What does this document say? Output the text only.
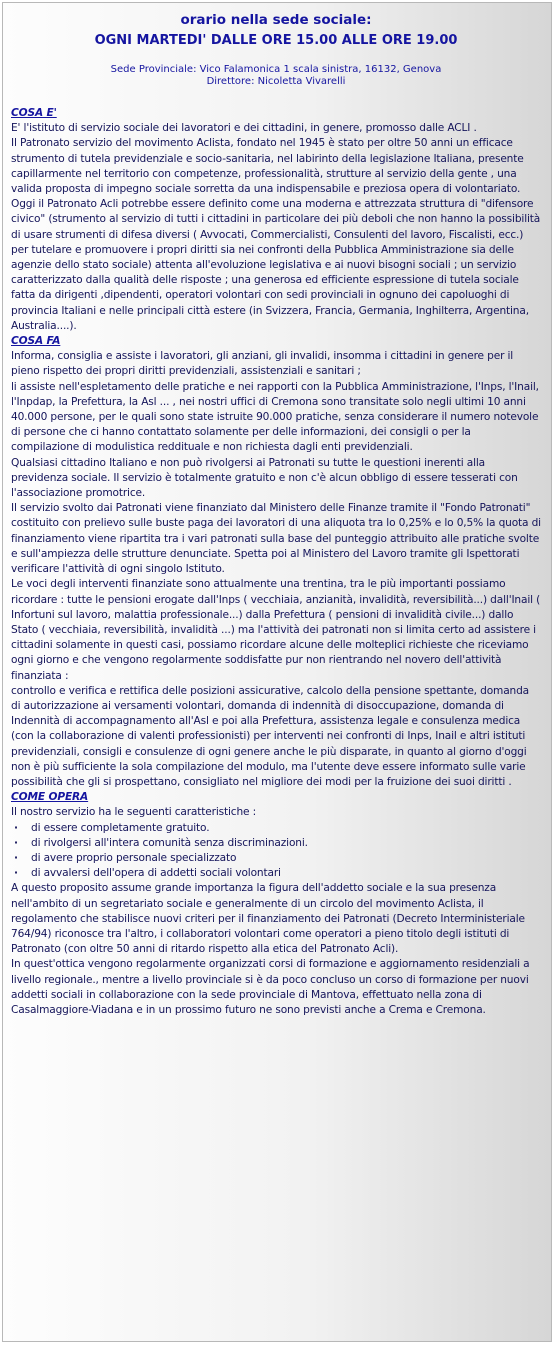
orario nella sede sociale:
OGNI MARTEDI' DALLE ORE 15.00 ALLE ORE 19.00
Sede Provinciale: Vico Falamonica 1 scala sinistra, 16132, Genova
Direttore: Nicoletta Vivarelli
COSA E'

E' l'istituto di servizio sociale dei lavoratori e dei cittadini, in genere, promosso dalle ACLI .

Il Patronato servizio del movimento Aclista, fondato nel 1945 è stato per oltre 50 anni un efficace strumento di tutela previdenziale e socio-sanitaria, nel labirinto della legislazione Italiana, presente capillarmente nel territorio con competenze, professionalità, strutture al servizio della gente , una valida proposta di impegno sociale sorretta da una indispensabile e preziosa opera di volontariato.

Oggi il Patronato Acli potrebbe essere definito come una moderna e attrezzata struttura di "difensore civico" (strumento al servizio di tutti i cittadini in particolare dei più deboli che non hanno la possibilità di usare strumenti di difesa diversi ( Avvocati, Commercialisti, Consulenti del lavoro, Fiscalisti, ecc.) per tutelare e promuovere i propri diritti sia nei confronti della Pubblica Amministrazione sia delle agenzie dello stato sociale) attenta all'evoluzione legislativa e ai nuovi bisogni sociali ; un servizio caratterizzato dalla qualità delle risposte ; una generosa ed efficiente espressione di tutela sociale fatta da dirigenti ,dipendenti, operatori volontari con sedi provinciali in ognuno dei capoluoghi di provincia Italiani e nelle principali città estere (in Svizzera, Francia, Germania, Inghilterra, Argentina, Australia....).

COSA FA

Informa, consiglia e assiste i lavoratori, gli anziani, gli invalidi, insomma i cittadini in genere per il pieno rispetto dei propri diritti previdenziali, assistenziali e sanitari ;

li assiste nell'espletamento delle pratiche e nei rapporti con la Pubblica Amministrazione, l'Inps, l'Inail, l'Inpdap, la Prefettura, la Asl ... , nei nostri uffici di Cremona sono transitate solo negli ultimi 10 anni 40.000 persone, per le quali sono state istruite 90.000 pratiche, senza considerare il numero notevole di persone che ci hanno contattato solamente per delle informazioni, dei consigli o per la compilazione di modulistica reddituale e non richiesta dagli enti previdenziali.

Qualsiasi cittadino Italiano e non può rivolgersi ai Patronati su tutte le questioni inerenti alla previdenza sociale. Il servizio è totalmente gratuito e non c'è alcun obbligo di essere tesserati con l'associazione promotrice.

Il servizio svolto dai Patronati viene finanziato dal Ministero delle Finanze tramite il "Fondo Patronati" costituito con prelievo sulle buste paga dei lavoratori di una aliquota tra lo 0,25% e lo 0,5% la quota di finanziamento viene ripartita tra i vari patronati sulla base del punteggio attribuito alle pratiche svolte e sull'ampiezza delle strutture denunciate. Spetta poi al Ministero del Lavoro tramite gli Ispettorati verificare l'attività di ogni singolo Istituto.

Le voci degli interventi finanziate sono attualmente una trentina, tra le più importanti possiamo ricordare : tutte le pensioni erogate dall'Inps ( vecchiaia, anzianità, invalidità, reversibilità...) dall'Inail ( Infortuni sul lavoro, malattia professionale...) dalla Prefettura ( pensioni di invalidità civile...) dallo Stato ( vecchiaia, reversibilità, invalidità ...) ma l'attività dei patronati non si limita certo ad assistere i cittadini solamente in questi casi, possiamo ricordare alcune delle molteplici richieste che riceviamo ogni giorno e che vengono regolarmente soddisfatte pur non rientrando nel novero dell'attività finanziata :

controllo e verifica e rettifica delle posizioni assicurative, calcolo della pensione spettante, domanda di autorizzazione ai versamenti volontari, domanda di indennità di disoccupazione, domanda di Indennità di accompagnamento all'Asl e poi alla Prefettura, assistenza legale e consulenza medica (con la collaborazione di valenti professionisti) per interventi nei confronti di Inps, Inail e altri istituti previdenziali, consigli e consulenze di ogni genere anche le più disparate, in quanto al giorno d'oggi non è più sufficiente la sola compilazione del modulo, ma l'utente deve essere informato sulle varie possibilità che gli si prospettano, consigliato nel migliore dei modi per la fruizione dei suoi diritti .

COME OPERA

Il nostro servizio ha le seguenti caratteristiche :

· di essere completamente gratuito.
· di rivolgersi all'intera comunità senza discriminazioni.
· di avere proprio personale specializzato
· di avvalersi dell'opera di addetti sociali volontari

A questo proposito assume grande importanza la figura dell'addetto sociale e la sua presenza nell'ambito di un segretariato sociale e generalmente di un circolo del movimento Aclista, il regolamento che stabilisce nuovi criteri per il finanziamento dei Patronati (Decreto Interministeriale 764/94) riconosce tra l'altro, i collaboratori volontari come operatori a pieno titolo degli istituti di Patronato (con oltre 50 anni di ritardo rispetto alla etica del Patronato Acli).

In quest'ottica vengono regolarmente organizzati corsi di formazione e aggiornamento residenziali a livello regionale., mentre a livello provinciale si è da poco concluso un corso di formazione per nuovi addetti sociali in collaborazione con la sede provinciale di Mantova, effettuato nella zona di Casalmaggiore-Viadana e in un prossimo futuro ne sono previsti anche a Crema e Cremona.
